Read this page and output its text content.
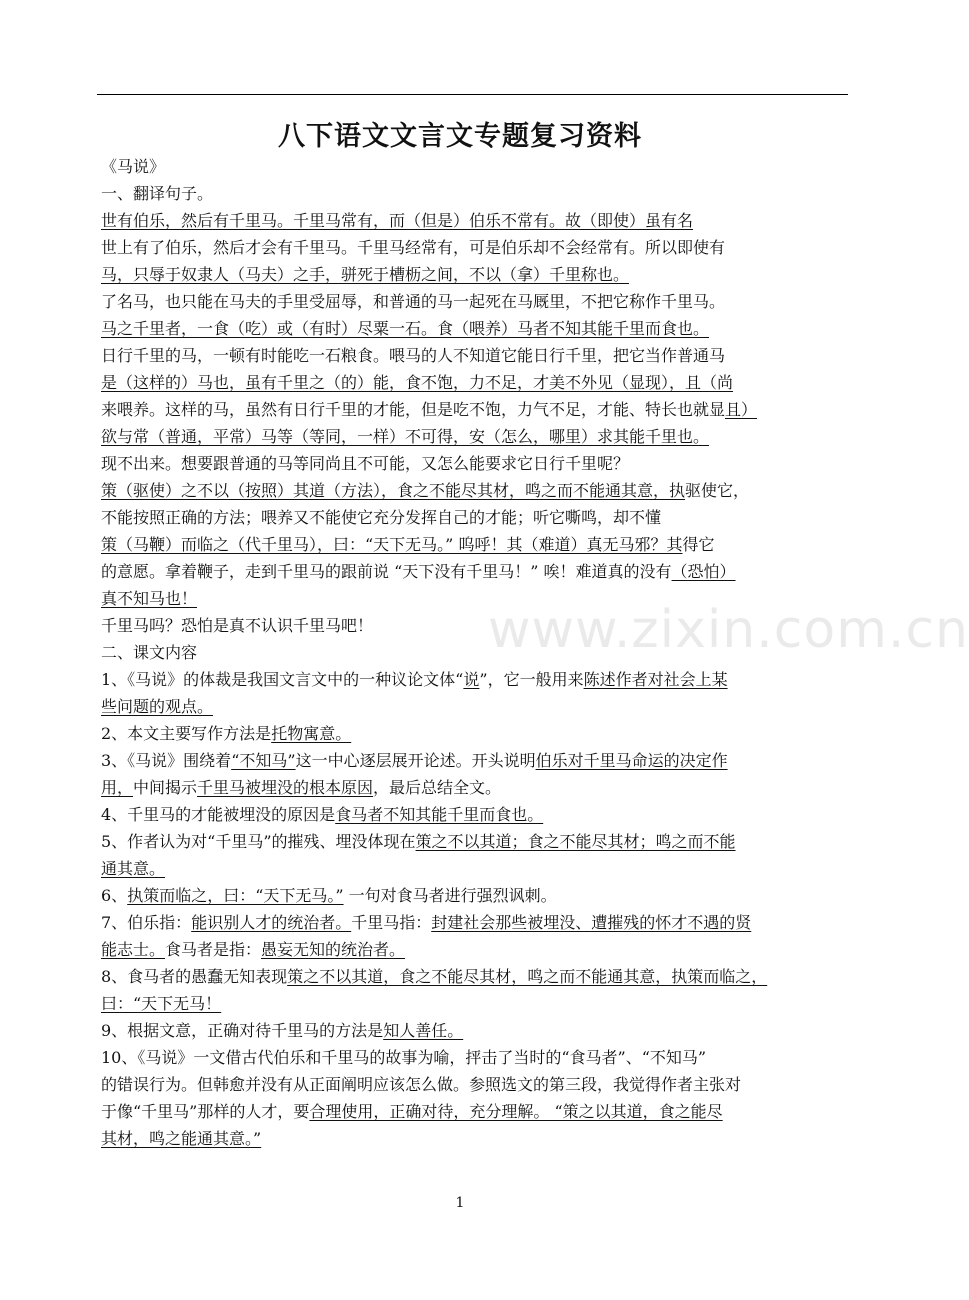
八下语文文言文专题复习资料
www.zixin.com.cn
《马说》
一、翻译句子。
世有伯乐，然后有千里马。千里马常有，而（但是）伯乐不常有。故（即使）虽有名
世上有了伯乐，然后才会有千里马。千里马经常有，可是伯乐却不会经常有。所以即使有
马，只辱于奴隶人（马夫）之手，骈死于槽枥之间，不以（拿）千里称也。
了名马，也只能在马夫的手里受屈辱，和普通的马一起死在马厩里，不把它称作千里马。
马之千里者，一食（吃）或（有时）尽粟一石。食（喂养）马者不知其能千里而食也。
日行千里的马，一顿有时能吃一石粮食。喂马的人不知道它能日行千里，把它当作普通马
是（这样的）马也，虽有千里之（的）能，食不饱，力不足，才美不外见（显现），且（尚
来喂养。这样的马，虽然有日行千里的才能，但是吃不饱，力气不足，才能、特长也就显且）
欲与常（普通，平常）马等（等同，一样）不可得，安（怎么，哪里）求其能千里也。
现不出来。想要跟普通的马等同尚且不可能，又怎么能要求它日行千里呢？
策（驱使）之不以（按照）其道（方法），食之不能尽其材，鸣之而不能通其意，执驱使它，
不能按照正确的方法；喂养又不能使它充分发挥自己的才能；听它嘶鸣，却不懂
策（马鞭）而临之（代千里马），曰：“天下无马。” 呜呼！其（难道）真无马邪？其得它
的意愿。拿着鞭子，走到千里马的跟前说 “天下没有千里马！” 唉！难道真的没有（恐怕）
真不知马也！
千里马吗？恐怕是真不认识千里马吧！
二、课文内容
1、《马说》的体裁是我国文言文中的一种议论文体“说”，它一般用来陈述作者对社会上某
些问题的观点。
2、本文主要写作方法是托物寓意。
3、《马说》围绕着“不知马”这一中心逐层展开论述。开头说明伯乐对千里马命运的决定作
用，中间揭示千里马被埋没的根本原因，最后总结全文。
4、千里马的才能被埋没的原因是食马者不知其能千里而食也。
5、作者认为对“千里马”的摧残、埋没体现在策之不以其道；食之不能尽其材；鸣之而不能
通其意。
6、执策而临之，曰：“天下无马。” 一句对食马者进行强烈讽刺。
7、伯乐指：能识别人才的统治者。千里马指：封建社会那些被埋没、遭摧残的怀才不遇的贤
能志士。食马者是指：愚妄无知的统治者。
8、食马者的愚蠢无知表现策之不以其道，食之不能尽其材，鸣之而不能通其意，执策而临之，
曰：“天下无马！
9、根据文意，正确对待千里马的方法是知人善任。
10、《马说》一文借古代伯乐和千里马的故事为喻，抨击了当时的“食马者”、“不知马”
的错误行为。但韩愈并没有从正面阐明应该怎么做。参照选文的第三段，我觉得作者主张对
于像“千里马”那样的人才，要合理使用，正确对待，充分理解。 “策之以其道，食之能尽
其材，鸣之能通其意。”
1
